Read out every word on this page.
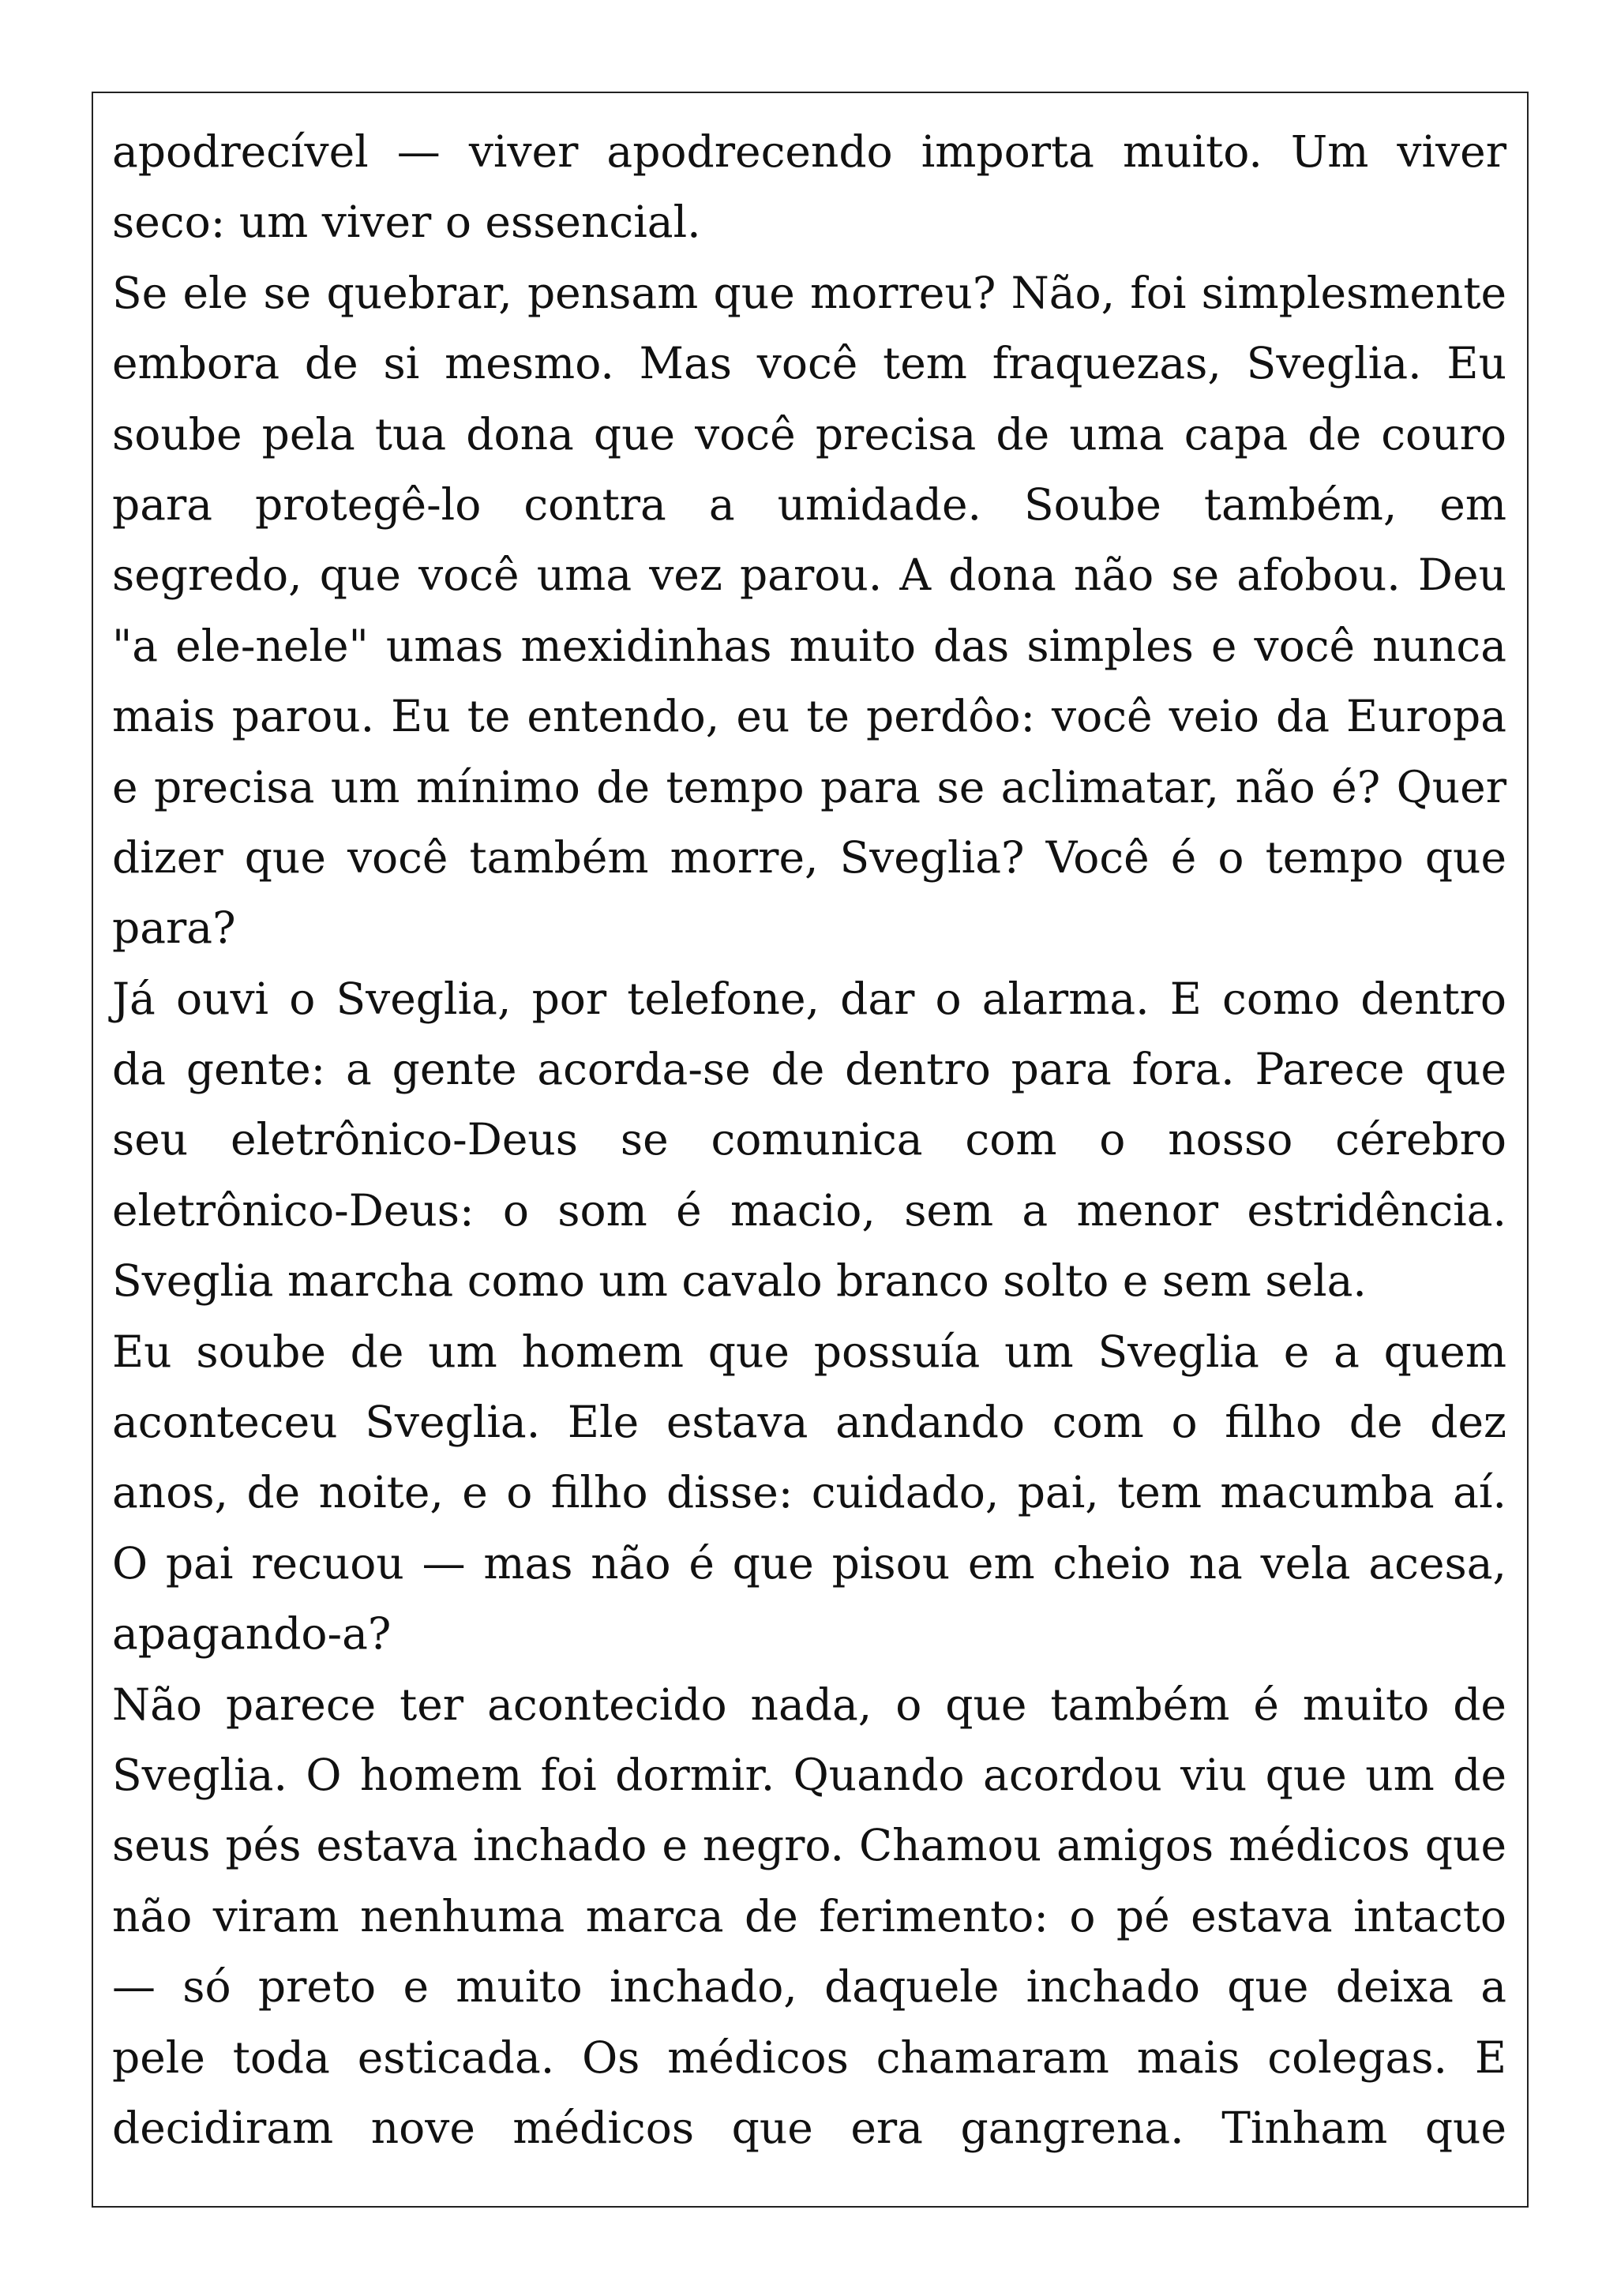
apodrecível — viver apodrecendo importa muito. Um viver
seco: um viver o essencial.
Se ele se quebrar, pensam que morreu? Não, foi simplesmente
embora de si mesmo. Mas você tem fraquezas, Sveglia. Eu
soube pela tua dona que você precisa de uma capa de couro
para protegê-lo contra a umidade. Soube também, em
segredo, que você uma vez parou. A dona não se afobou. Deu
"a ele-nele" umas mexidinhas muito das simples e você nunca
mais parou. Eu te entendo, eu te perdôo: você veio da Europa
e precisa um mínimo de tempo para se aclimatar, não é? Quer
dizer que você também morre, Sveglia? Você é o tempo que
para?
Já ouvi o Sveglia, por telefone, dar o alarma. E como dentro
da gente: a gente acorda-se de dentro para fora. Parece que
seu eletrônico-Deus se comunica com o nosso cérebro
eletrônico-Deus: o som é macio, sem a menor estridência.
Sveglia marcha como um cavalo branco solto e sem sela.
Eu soube de um homem que possuía um Sveglia e a quem
aconteceu Sveglia. Ele estava andando com o filho de dez
anos, de noite, e o filho disse: cuidado, pai, tem macumba aí.
O pai recuou — mas não é que pisou em cheio na vela acesa,
apagando-a?
Não parece ter acontecido nada, o que também é muito de
Sveglia. O homem foi dormir. Quando acordou viu que um de
seus pés estava inchado e negro. Chamou amigos médicos que
não viram nenhuma marca de ferimento: o pé estava intacto
— só preto e muito inchado, daquele inchado que deixa a
pele toda esticada. Os médicos chamaram mais colegas. E
decidiram nove médicos que era gangrena. Tinham que
